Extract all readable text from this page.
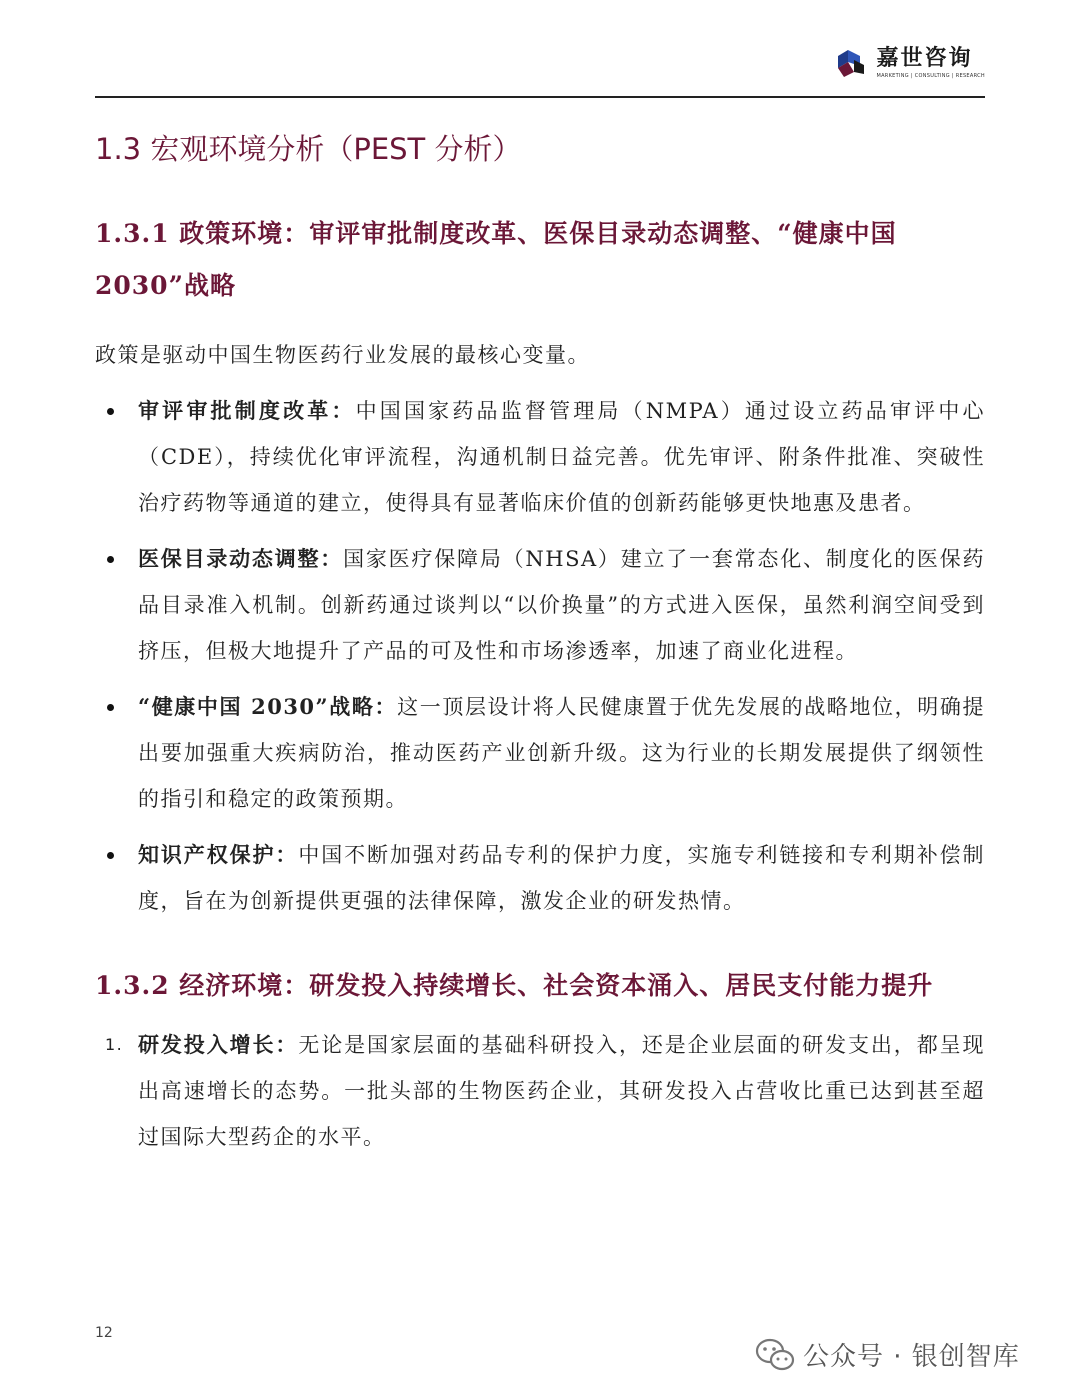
嘉世咨询
MARKETING | CONSULTING | RESEARCH
1.3 宏观环境分析（PEST 分析）
1.3.1 政策环境：审评审批制度改革、医保目录动态调整、“健康中国
2030”战略

政策是驱动中国生物医药行业发展的最核心变量。

审评审批制度改革：中国国家药品监督管理局（NMPA）通过设立药品审评中心（CDE），持续优化审评流程，沟通机制日益完善。优先审评、附条件批准、突破性治疗药物等通道的建立，使得具有显著临床价值的创新药能够更快地惠及患者。
医保目录动态调整：国家医疗保障局（NHSA）建立了一套常态化、制度化的医保药品目录准入机制。创新药通过谈判以“以价换量”的方式进入医保，虽然利润空间受到挤压，但极大地提升了产品的可及性和市场渗透率，加速了商业化进程。
“健康中国 2030”战略：这一顶层设计将人民健康置于优先发展的战略地位，明确提出要加强重大疾病防治，推动医药产业创新升级。这为行业的长期发展提供了纲领性的指引和稳定的政策预期。
知识产权保护：中国不断加强对药品专利的保护力度，实施专利链接和专利期补偿制度，旨在为创新提供更强的法律保障，激发企业的研发热情。
1.3.2 经济环境：研发投入持续增长、社会资本涌入、居民支付能力提升
1. 研发投入增长：无论是国家层面的基础科研投入，还是企业层面的研发支出，都呈现出高速增长的态势。一批头部的生物医药企业，其研发投入占营收比重已达到甚至超过国际大型药企的水平。
12
公众号 · 银创智库
